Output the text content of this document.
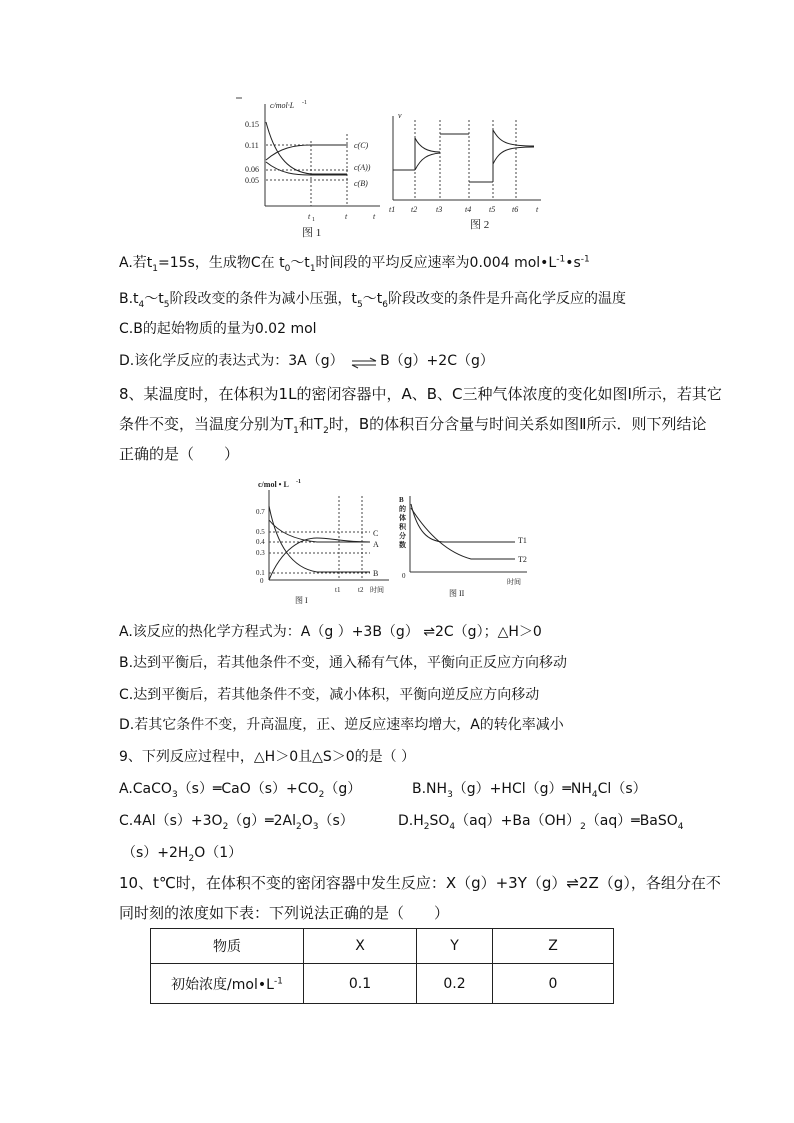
c/mol·L -1
0.15
0.11
0.06
0.05
c(C)
c(A))
c(B)
t 1	t	t
图 1
v
t1 t2 t3	t4 t5 t6 t
图 2
A.若$t_1=15s$，生成物C在 $t_0\sim t_1$时间段的平均反应速率为0.004 $mol•L^{-1}•s^{-1}$
$B.t_4\sim t_5$阶段改变的条件为减小压强，$t_5\sim t_6$阶段改变的条件是升高化学反应的温度
C.B的起始物质的量为0.02 mol
D.该化学反应的表达式为：3A（g） ⇌ B（g）+2C（g）
8、某温度时，在体积为1L的密闭容器中，A、B、C三种气体浓度的变化如图I所示，若其它
条件不变，当温度分别为$T_1$和$T_2$时，B的体积百分含量与时间关系如图Ⅱ所示．则下列结论
正确的是（　　）
c/mol • L -1
0.7
0.5
0.4
0.3
0.1
0
C
A
B
t1	t2 时间
图 I
B
的
体
积
分
数
0
T1
T2
时间
图 II
A.该反应的热化学方程式为：A（g ）+3B（g） ⇌2C（g）；△H＞0
B.达到平衡后，若其他条件不变，通入稀有气体，平衡向正反应方向移动
C.达到平衡后，若其他条件不变，减小体积，平衡向逆反应方向移动
D.若其它条件不变，升高温度，正、逆反应速率均增大，A的转化率减小
9、下列反应过程中，△H＞0且△S＞0的是（ ）
$A.CaCO_3(s)═CaO(s)+CO_2(g)$	$B.NH_3(g)+HCl(g)═NH_4Cl(s)$
$C.4Al(s)+3O_2(g)═2Al_2O_3(s)$	$D.H_2SO_4(aq)+Ba(OH)_2(aq)═BaSO_4$
$(s)+2H_2O(1)$
10、t℃时，在体积不变的密闭容器中发生反应：X（g）+3Y（g）⇌2Z（g），各组分在不
同时刻的浓度如下表：下列说法正确的是（　　）
物质	X	Y	Z
初始浓度$/mol•L^{-1}$	0.1	0.2	0
